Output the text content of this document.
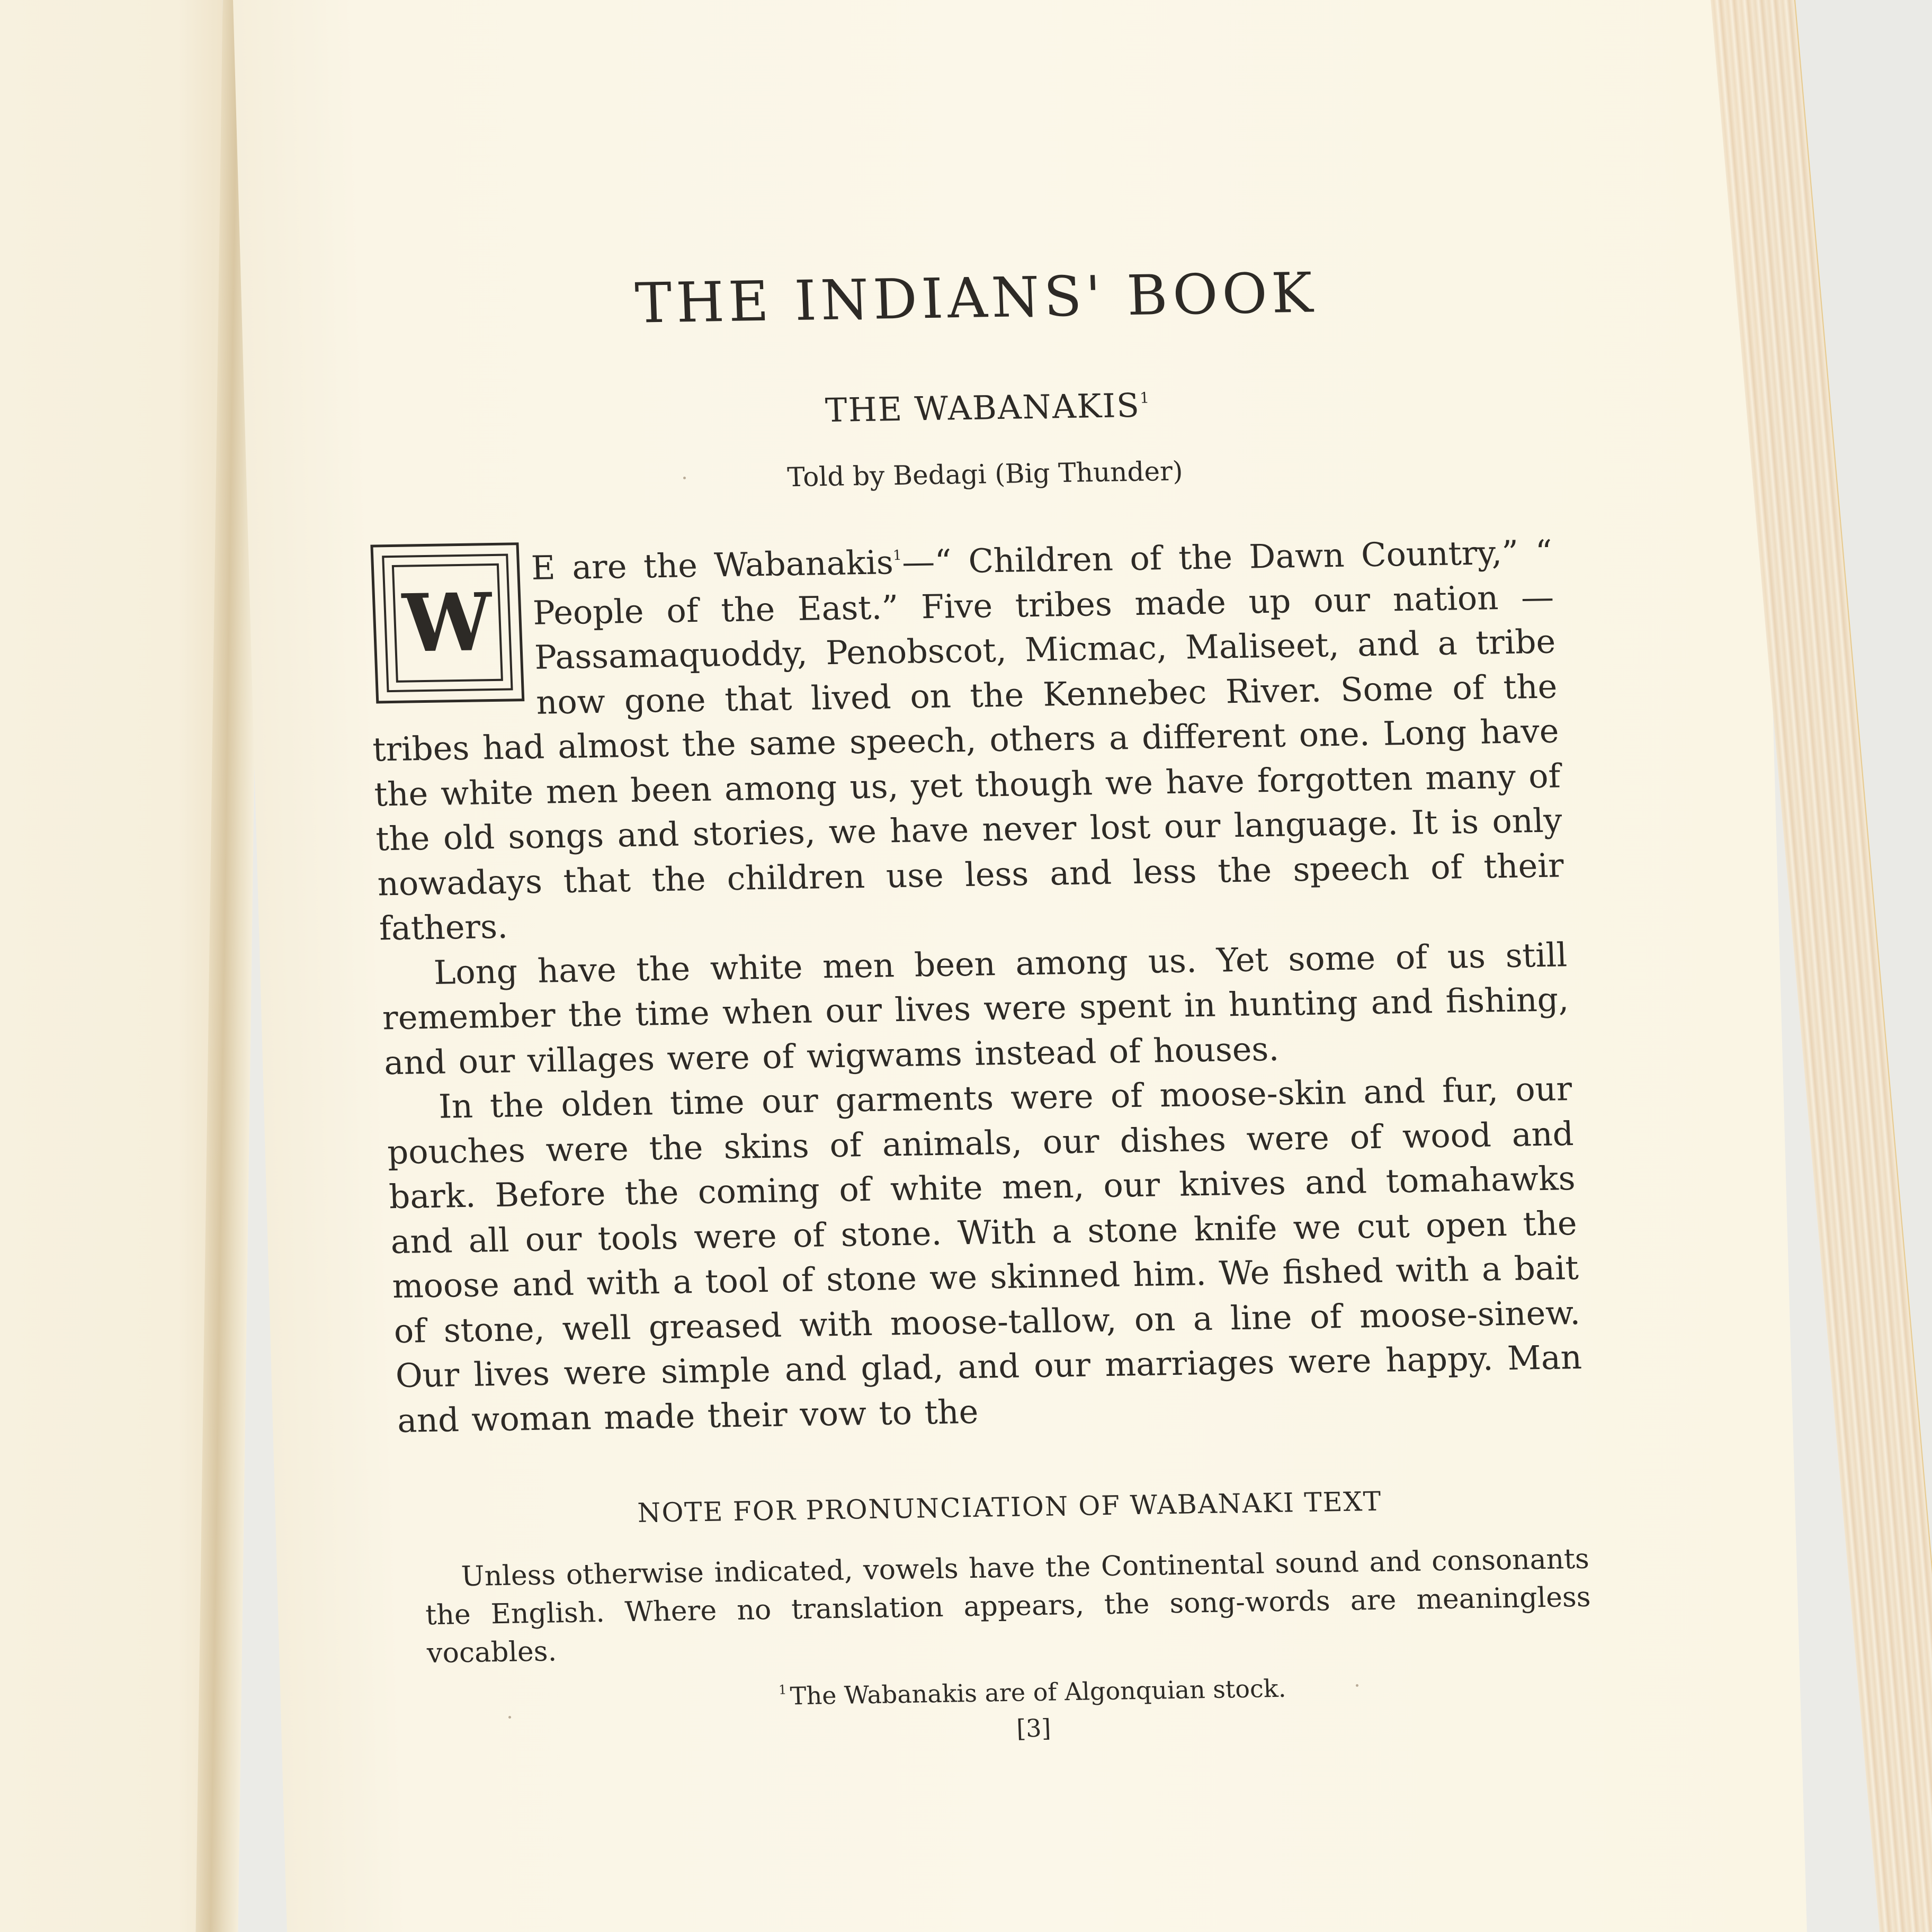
THE INDIANS' BOOK
THE WABANAKIS$^1$
Told by Bedagi (Big Thunder)

W
E are the Wabanakis$^1$—“ Children of the Dawn Country,” “ People of the East.” Five tribes made up our nation —Passamaquoddy, Penobscot, Micmac, Maliseet, and a tribe now gone that lived on the Kennebec River. Some of the tribes had almost the same speech, others a different one. Long have the white men been among us, yet though we have forgotten many of the old songs and stories, we have never lost our language. It is only nowadays that the children use less and less the speech of their fathers.

Long have the white men been among us. Yet some of us still remember the time when our lives were spent in hunting and fishing, and our villages were of wigwams instead of houses.

In the olden time our garments were of moose-skin and fur, our pouches were the skins of animals, our dishes were of wood and bark. Before the coming of white men, our knives and tomahawks and all our tools were of stone. With a stone knife we cut open the moose and with a tool of stone we skinned him. We fished with a bait of stone, well greased with moose-tallow, on a line of moose-sinew. Our lives were simple and glad, and our marriages were happy. Man and woman made their vow to the

NOTE FOR PRONUNCIATION OF WABANAKI TEXT

Unless otherwise indicated, vowels have the Continental sound and consonants the English. Where no translation appears, the song-words are meaningless vocables.

$^1$ The Wabanakis are of Algonquian stock.
[3]
